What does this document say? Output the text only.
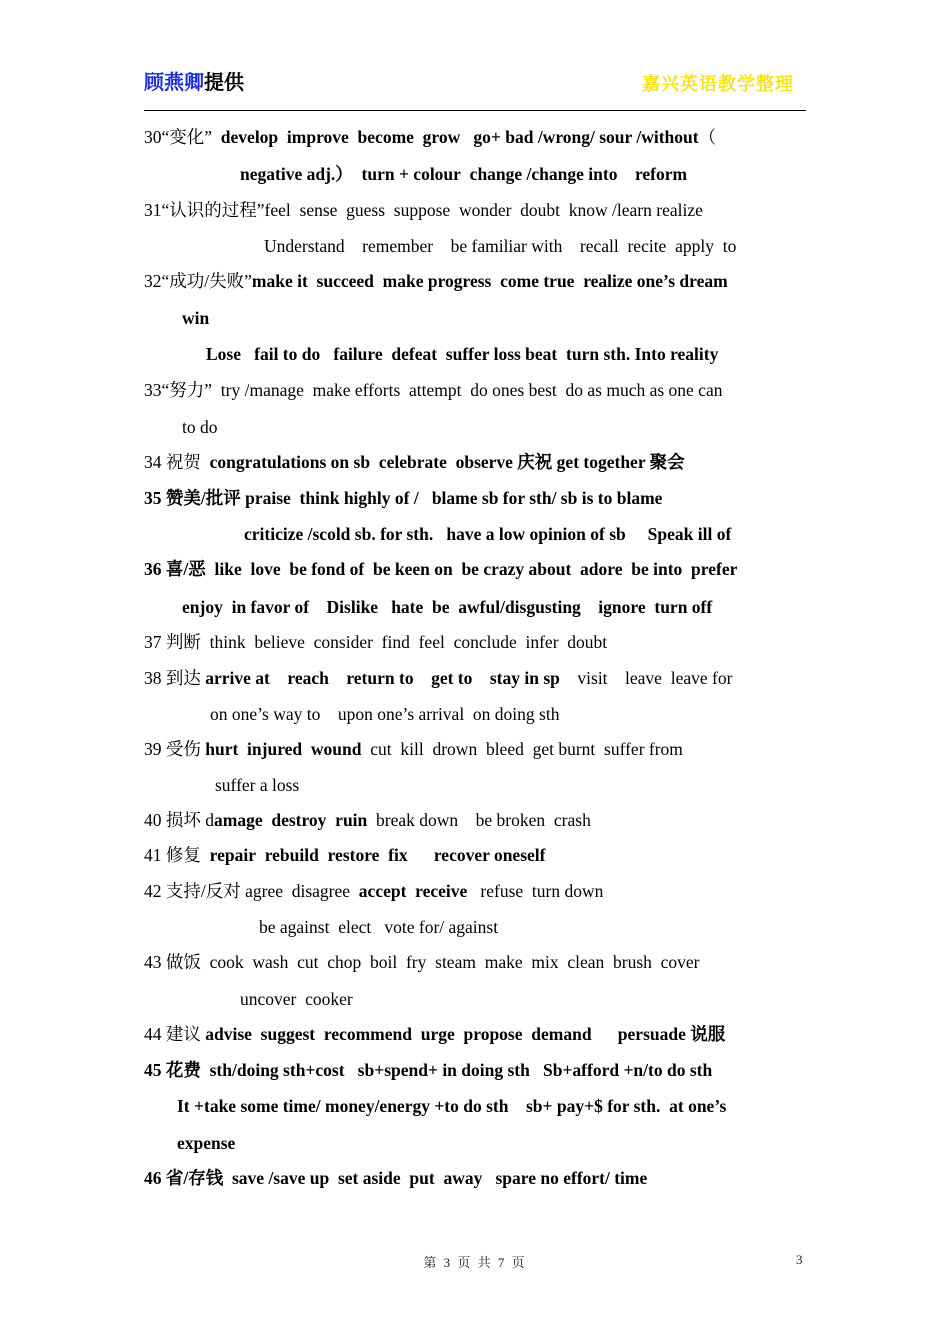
顾燕卿提供	嘉兴英语教学整理
30“变化”  develop  improve  become  grow   go+ bad /wrong/ sour /without（
negative adj.）  turn + colour  change /change into    reform
31“认识的过程”feel  sense  guess  suppose  wonder  doubt  know /learn realize
Understand    remember    be familiar with    recall  recite  apply  to
32“成功/失败”make it  succeed  make progress  come true  realize one’s dream
win
Lose   fail to do   failure  defeat  suffer loss beat  turn sth. Into reality
33“努力”  try /manage  make efforts  attempt  do ones best  do as much as one can
to do
34 祝贺  congratulations on sb  celebrate  observe 庆祝 get together 聚会
35 赞美/批评 praise  think highly of /   blame sb for sth/ sb is to blame
criticize /scold sb. for sth.   have a low opinion of sb     Speak ill of
36 喜/恶  like  love  be fond of  be keen on  be crazy about  adore  be into  prefer
enjoy  in favor of    Dislike   hate  be  awful/disgusting    ignore  turn off
37 判断  think  believe  consider  find  feel  conclude  infer  doubt
38 到达 arrive at    reach    return to    get to    stay in sp    visit    leave  leave for
on one’s way to    upon one’s arrival  on doing sth
39 受伤 hurt  injured  wound  cut  kill  drown  bleed  get burnt  suffer from
suffer a loss
40 损坏 damage  destroy  ruin  break down    be broken  crash
41 修复  repair  rebuild  restore  fix      recover oneself
42 支持/反对 agree  disagree  accept  receive   refuse  turn down
be against  elect   vote for/ against
43 做饭  cook  wash  cut  chop  boil  fry  steam  make  mix  clean  brush  cover
uncover  cooker
44 建议 advise  suggest  recommend  urge  propose  demand      persuade 说服
45 花费  sth/doing sth+cost   sb+spend+ in doing sth   Sb+afford +n/to do sth
It +take some time/ money/energy +to do sth    sb+ pay+$ for sth.  at one’s
expense
46 省/存钱  save /save up  set aside  put  away   spare no effort/ time
第 3 页 共 7 页	3
